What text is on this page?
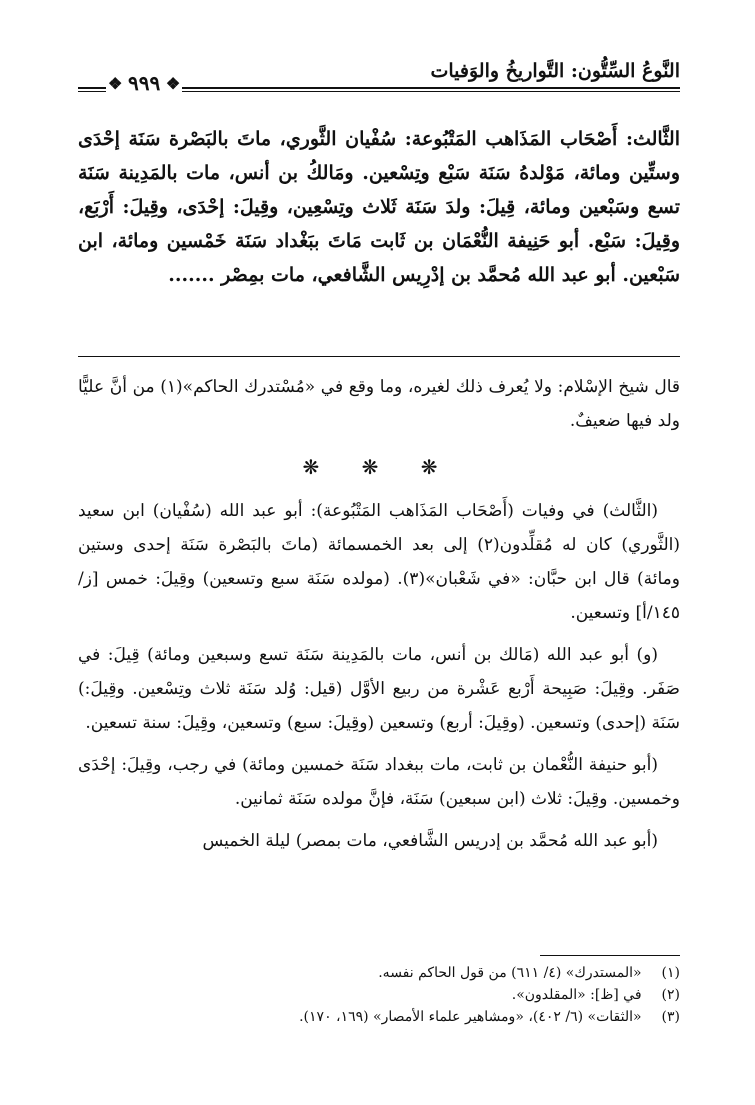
❖ ٩٩٩ ❖	النَّوعُ السِّتُّون: التَّواريخُ والوَفيات
الثَّالث: أَصْحَاب المَذَاهب المَتْبُوعة: سُفْيان الثَّوري، ماتَ بالبَصْرة سَنَة إحْدَى وستِّين ومائة، مَوْلدهُ سَنَة سَبْع وتِسْعين. ومَالكُ بن أنس، مات بالمَدِينة سَنَة تسع وسَبْعين ومائة، قِيلَ: ولدَ سَنَة ثَلاث وتِسْعِين، وقِيلَ: إحْدَى، وقِيلَ: أَرْبَع، وقِيلَ: سَبْع. أبو حَنِيفة النُّعْمَان بن ثَابت مَاتَ ببَغْداد سَنَة خَمْسين ومائة، ابن سَبْعين. أبو عبد الله مُحمَّد بن إدْرِيس الشَّافعي، مات بمِصْر .......
قال شيخ الإسْلام: ولا يُعرف ذلك لغيره، وما وقع في «مُسْتدرك الحاكم»(١) من أنَّ عليًّا ولد فيها ضعيفٌ.
❋ ❋ ❋

(الثَّالث) في وفيات (أَصْحَاب المَذَاهب المَتْبُوعة): أبو عبد الله (سُفْيان) ابن سعيد (الثَّوري) كان له مُقلِّدون(٢) إلى بعد الخمسمائة (ماتَ بالبَصْرة سَنَة إحدى وستين ومائة) قال ابن حبَّان: «في شَعْبان»(٣). (مولده سَنَة سبع وتسعين) وقِيلَ: خمس [ز/١٤٥/أ] وتسعين.

(و) أبو عبد الله (مَالك بن أنس، مات بالمَدِينة سَنَة تسع وسبعين ومائة) قِيلَ: في صَفَر. وقِيلَ: صَبِيحة أَرْبع عَشْرة من ربيع الأوَّل (قيل: وُلد سَنَة ثلاث وتِسْعين. وقِيلَ:) سَنَة (إحدى) وتسعين. (وقِيلَ: أربع) وتسعين (وقِيلَ: سبع) وتسعين، وقِيلَ: سنة تسعين.

(أبو حنيفة النُّعْمان بن ثابت، مات ببغداد سَنَة خمسين ومائة) في رجب، وقِيلَ: إحْدَى وخمسين. وقِيلَ: ثلاث (ابن سبعين) سَنَة، فإنَّ مولده سَنَة ثمانين.

(أبو عبد الله مُحمَّد بن إدريس الشَّافعي، مات بمصر) ليلة الخميس

(١) «المستدرك» (٤/ ٦١١) من قول الحاكم نفسه.
(٢) في [ظ]: «المقلدون».
(٣) «الثقات» (٦/ ٤٠٢)، «ومشاهير علماء الأمصار» (١٦٩، ١٧٠).
